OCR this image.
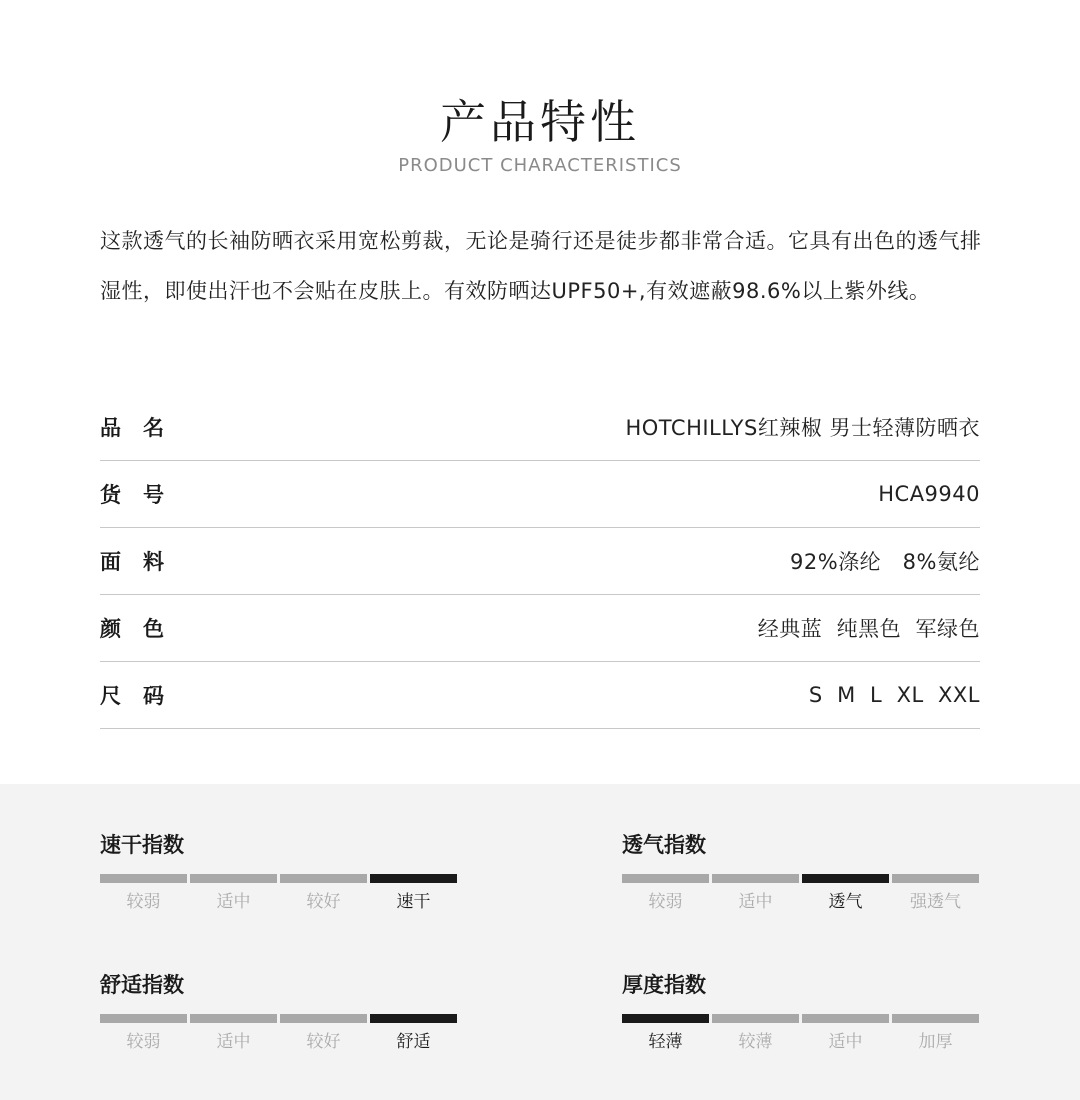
产品特性
PRODUCT CHARACTERISTICS
这款透气的长袖防晒衣采用宽松剪裁，无论是骑行还是徒步都非常合适。它具有出色的透气排湿性，即使出汗也不会贴在皮肤上。有效防晒达UPF50+,有效遮蔽98.6%以上紫外线。
品名	HOTCHILLYS红辣椒 男士轻薄防晒衣
货号	HCA9940
面料	92%涤纶   8%氨纶
颜色	经典蓝  纯黑色  军绿色
尺码	S  M  L  XL  XXL
速干指数
较弱	适中	较好	速干
透气指数
较弱	适中	透气	强透气
舒适指数
较弱	适中	较好	舒适
厚度指数
轻薄	较薄	适中	加厚
